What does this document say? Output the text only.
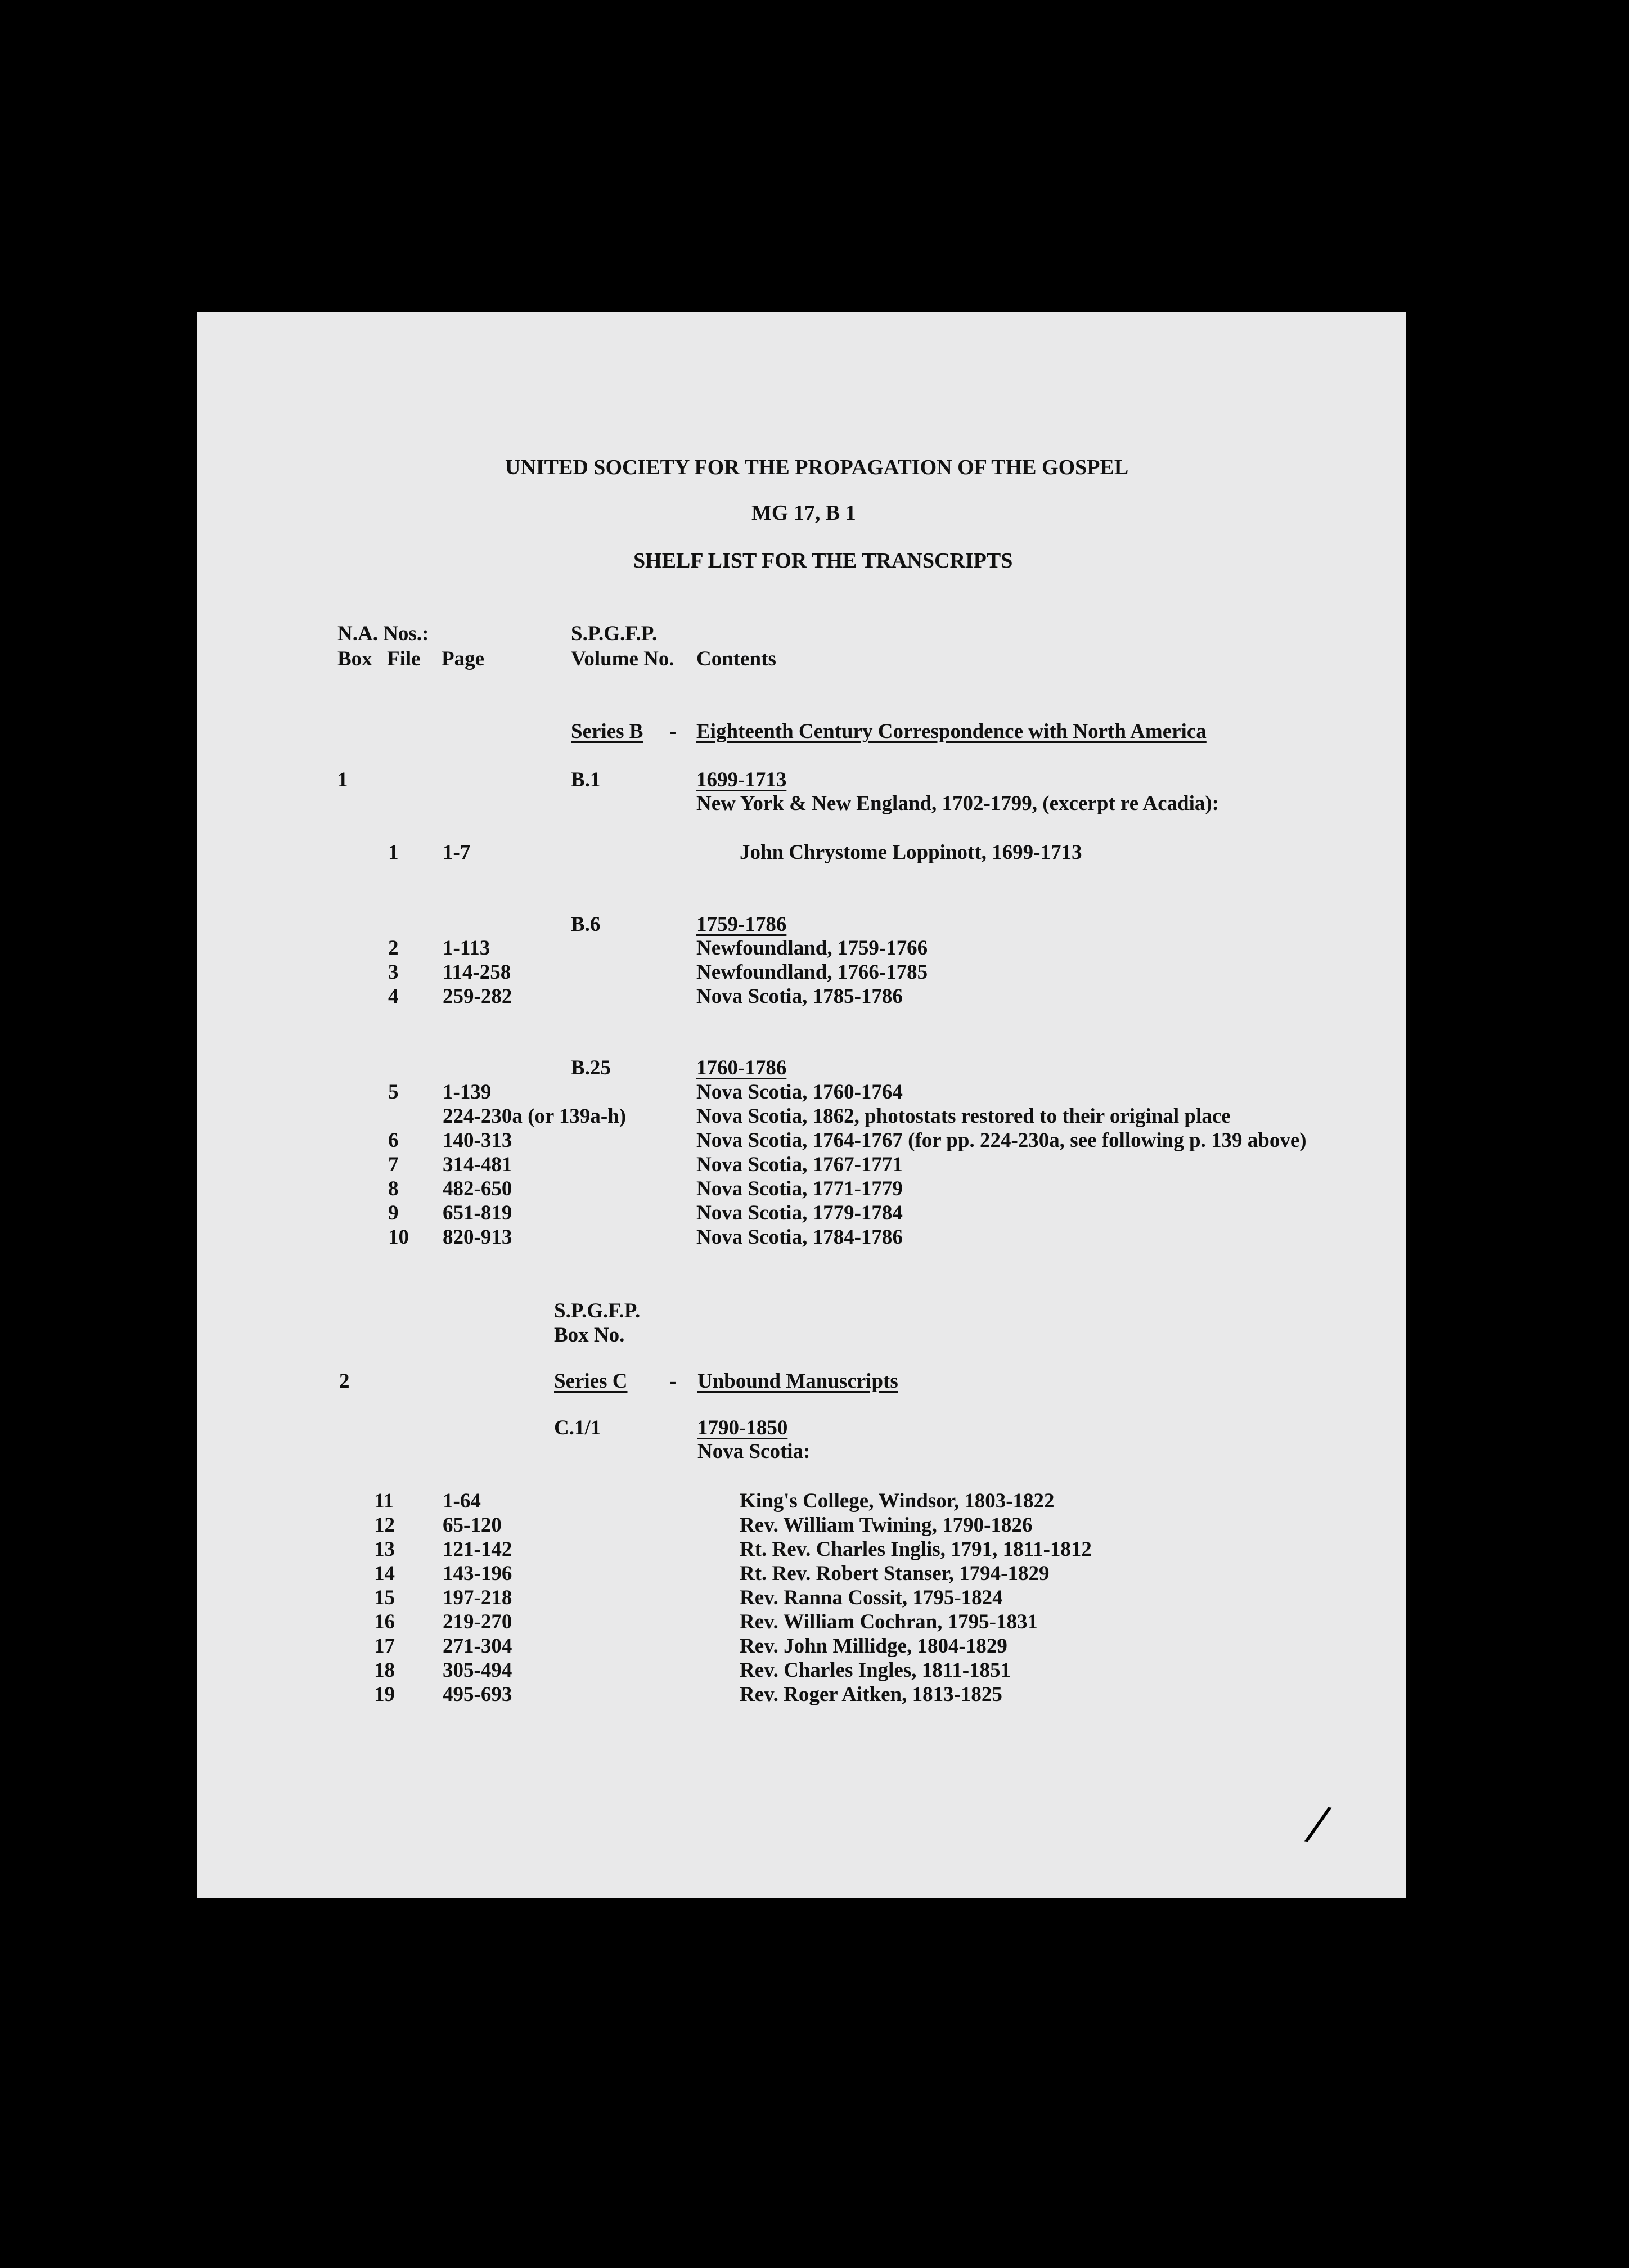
UNITED SOCIETY FOR THE PROPAGATION OF THE GOSPEL
MG 17, B 1
SHELF LIST FOR THE TRANSCRIPTS
N.A. Nos.:
Box File Page
S.P.G.F.P.
Volume No. Contents
Series B - Eighteenth Century Correspondence with North America
1	B.1	1699-1713
New York & New England, 1702-1799, (excerpt re Acadia):
1 1-7	John Chrystome Loppinott, 1699-1713
B.6	1759-1786
2 1-113	Newfoundland, 1759-1766
3 114-258	Newfoundland, 1766-1785
4 259-282	Nova Scotia, 1785-1786
B.25	1760-1786
5 1-139	Nova Scotia, 1760-1764
224-230a (or 139a-h)	Nova Scotia, 1862, photostats restored to their original place
6 140-313	Nova Scotia, 1764-1767 (for pp. 224-230a, see following p. 139 above)
7 314-481	Nova Scotia, 1767-1771
8 482-650	Nova Scotia, 1771-1779
9 651-819	Nova Scotia, 1779-1784
10 820-913	Nova Scotia, 1784-1786
S.P.G.F.P.
Box No.
2	Series C - Unbound Manuscripts
C.1/1	1790-1850
Nova Scotia:
11 1-64	King's College, Windsor, 1803-1822
12 65-120	Rev. William Twining, 1790-1826
13 121-142	Rt. Rev. Charles Inglis, 1791, 1811-1812
14 143-196	Rt. Rev. Robert Stanser, 1794-1829
15 197-218	Rev. Ranna Cossit, 1795-1824
16 219-270	Rev. William Cochran, 1795-1831
17 271-304	Rev. John Millidge, 1804-1829
18 305-494	Rev. Charles Ingles, 1811-1851
19 495-693	Rev. Roger Aitken, 1813-1825
/
